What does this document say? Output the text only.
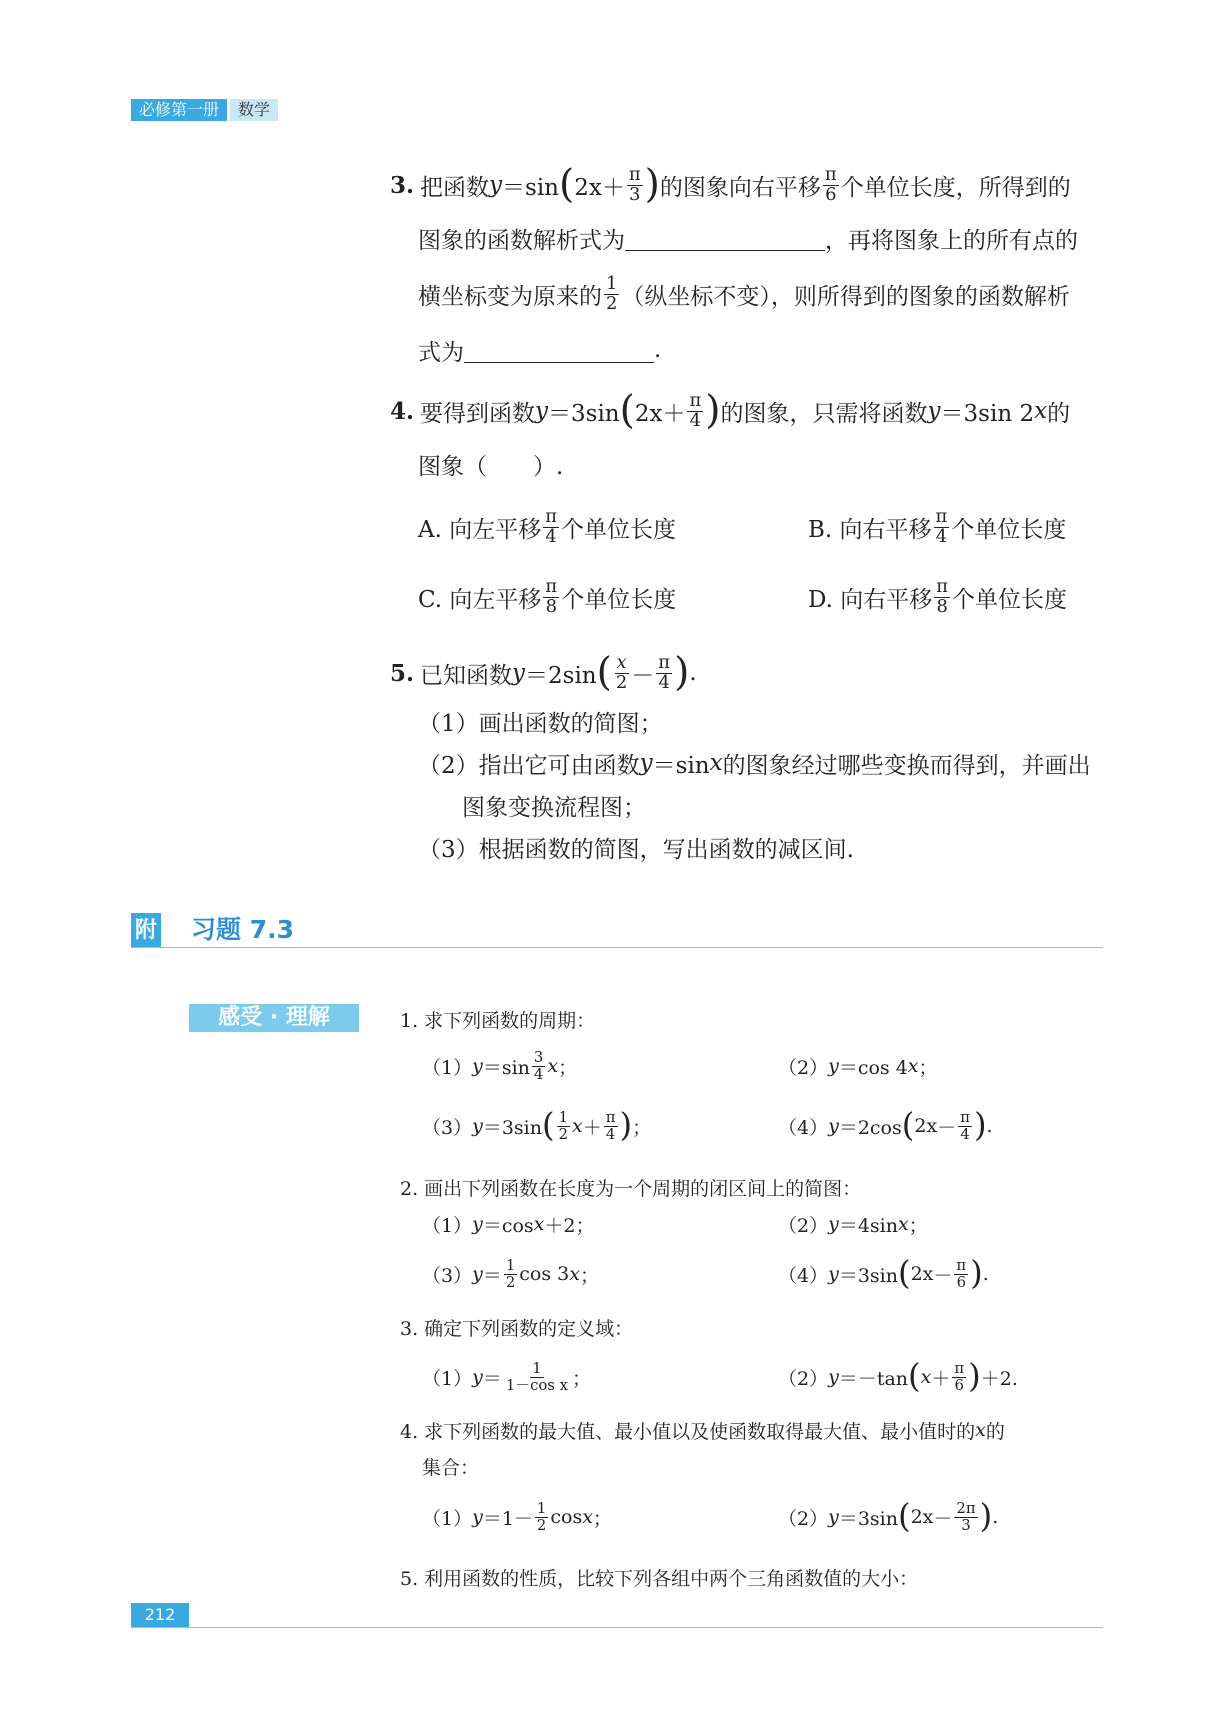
必修第一册	数学
3. 把函数 y ＝sin ( $2x+ \frac{\pi}{3}$ ) 的图象向右平移 $\frac{\pi}{6}$ 个单位长度，所得到的
图象的函数解析式为	，再将图象上的所有点的
横坐标变为原来的 $\frac{1}{2}$ （纵坐标不变），则所得到的图象的函数解析
式为	.
4. 要得到函数 y ＝3sin ( $2x+ \frac{\pi}{4}$ ) 的图象，只需将函数 y ＝3sin 2 x 的
图象（　　）.
A. 向左平移 $\frac{\pi}{4}$ 个单位长度	B. 向右平移 $\frac{\pi}{4}$ 个单位长度
C. 向左平移 $\frac{\pi}{8}$ 个单位长度	D. 向右平移 $\frac{\pi}{8}$ 个单位长度
5. 已知函数 y ＝2sin ( $\frac{x}{2} - \frac{\pi}{4}$ ) .
（1）画出函数的简图；
（2）指出它可由函数 y ＝sin x 的图象经过哪些变换而得到，并画出
图象变换流程图；
（3）根据函数的简图，写出函数的减区间.
附 习题 7.3
感受 · 理解	1. 求下列函数的周期：
（1） $y =\sin \frac{3}{4}$ x ；	（2） y ＝cos 4 x ；
（3） y ＝3sin ( $\frac{1}{2}$ $x + \frac{\pi}{4}$ ) ；	（4） y ＝2cos ( $2x - \frac{\pi}{4}$ ) .
2. 画出下列函数在长度为一个周期的闭区间上的简图：
（1） y ＝cos x ＋2；	（2） y ＝4sin x ；
（3） $y = \frac{1}{2}$ cos 3 x ；	（4） y ＝3sin ( $2x - \frac{\pi}{6}$ ) .
3. 确定下列函数的定义域：
（1） $y = \frac{1}{\text{1－cos x}}$ ；	（2） y ＝－tan ( $x + \frac{\pi}{6}$ ) ＋2.
4. 求下列函数的最大值、最小值以及使函数取得最大值、最小值时的 x 的
集合：
（1） $y =1- \frac{1}{2}$ cos x ；	（2） y ＝3sin ( $2x - \frac{2\pi}{3}$ ) .
5. 利用函数的性质，比较下列各组中两个三角函数值的大小：
212
